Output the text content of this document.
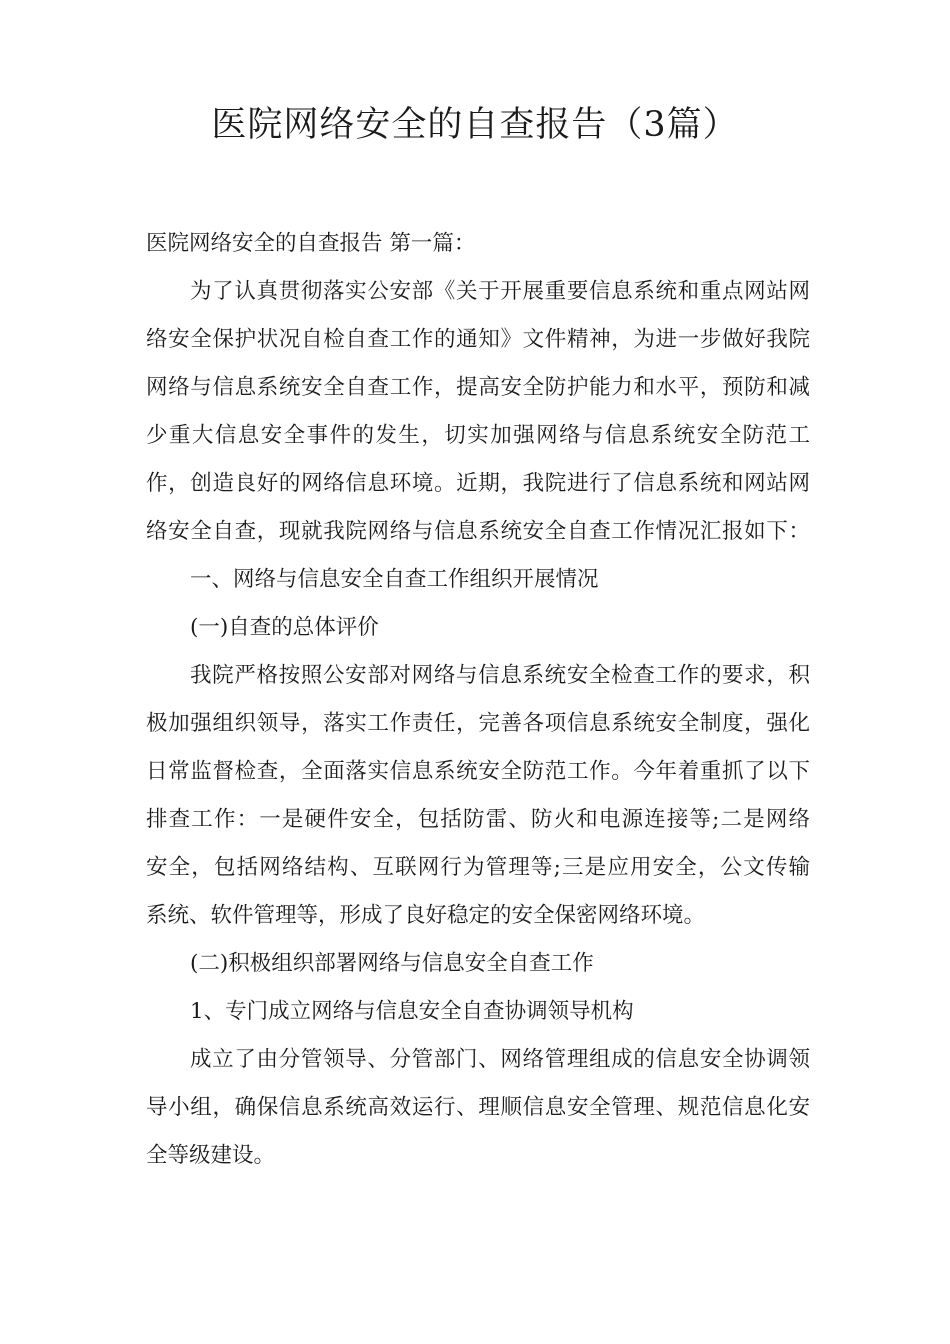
医院网络安全的自查报告（3篇）
医院网络安全的自查报告 第一篇：
为了认真贯彻落实公安部《关于开展重要信息系统和重点网站网
络安全保护状况自检自查工作的通知》文件精神，为进一步做好我院
网络与信息系统安全自查工作，提高安全防护能力和水平，预防和减
少重大信息安全事件的发生，切实加强网络与信息系统安全防范工
作，创造良好的网络信息环境。近期，我院进行了信息系统和网站网
络安全自查，现就我院网络与信息系统安全自查工作情况汇报如下：
一、网络与信息安全自查工作组织开展情况
(一)自查的总体评价
我院严格按照公安部对网络与信息系统安全检查工作的要求，积
极加强组织领导，落实工作责任，完善各项信息系统安全制度，强化
日常监督检查，全面落实信息系统安全防范工作。今年着重抓了以下
排查工作：一是硬件安全，包括防雷、防火和电源连接等;二是网络
安全，包括网络结构、互联网行为管理等;三是应用安全，公文传输
系统、软件管理等，形成了良好稳定的安全保密网络环境。
(二)积极组织部署网络与信息安全自查工作
1、专门成立网络与信息安全自查协调领导机构
成立了由分管领导、分管部门、网络管理组成的信息安全协调领
导小组，确保信息系统高效运行、理顺信息安全管理、规范信息化安
全等级建设。
